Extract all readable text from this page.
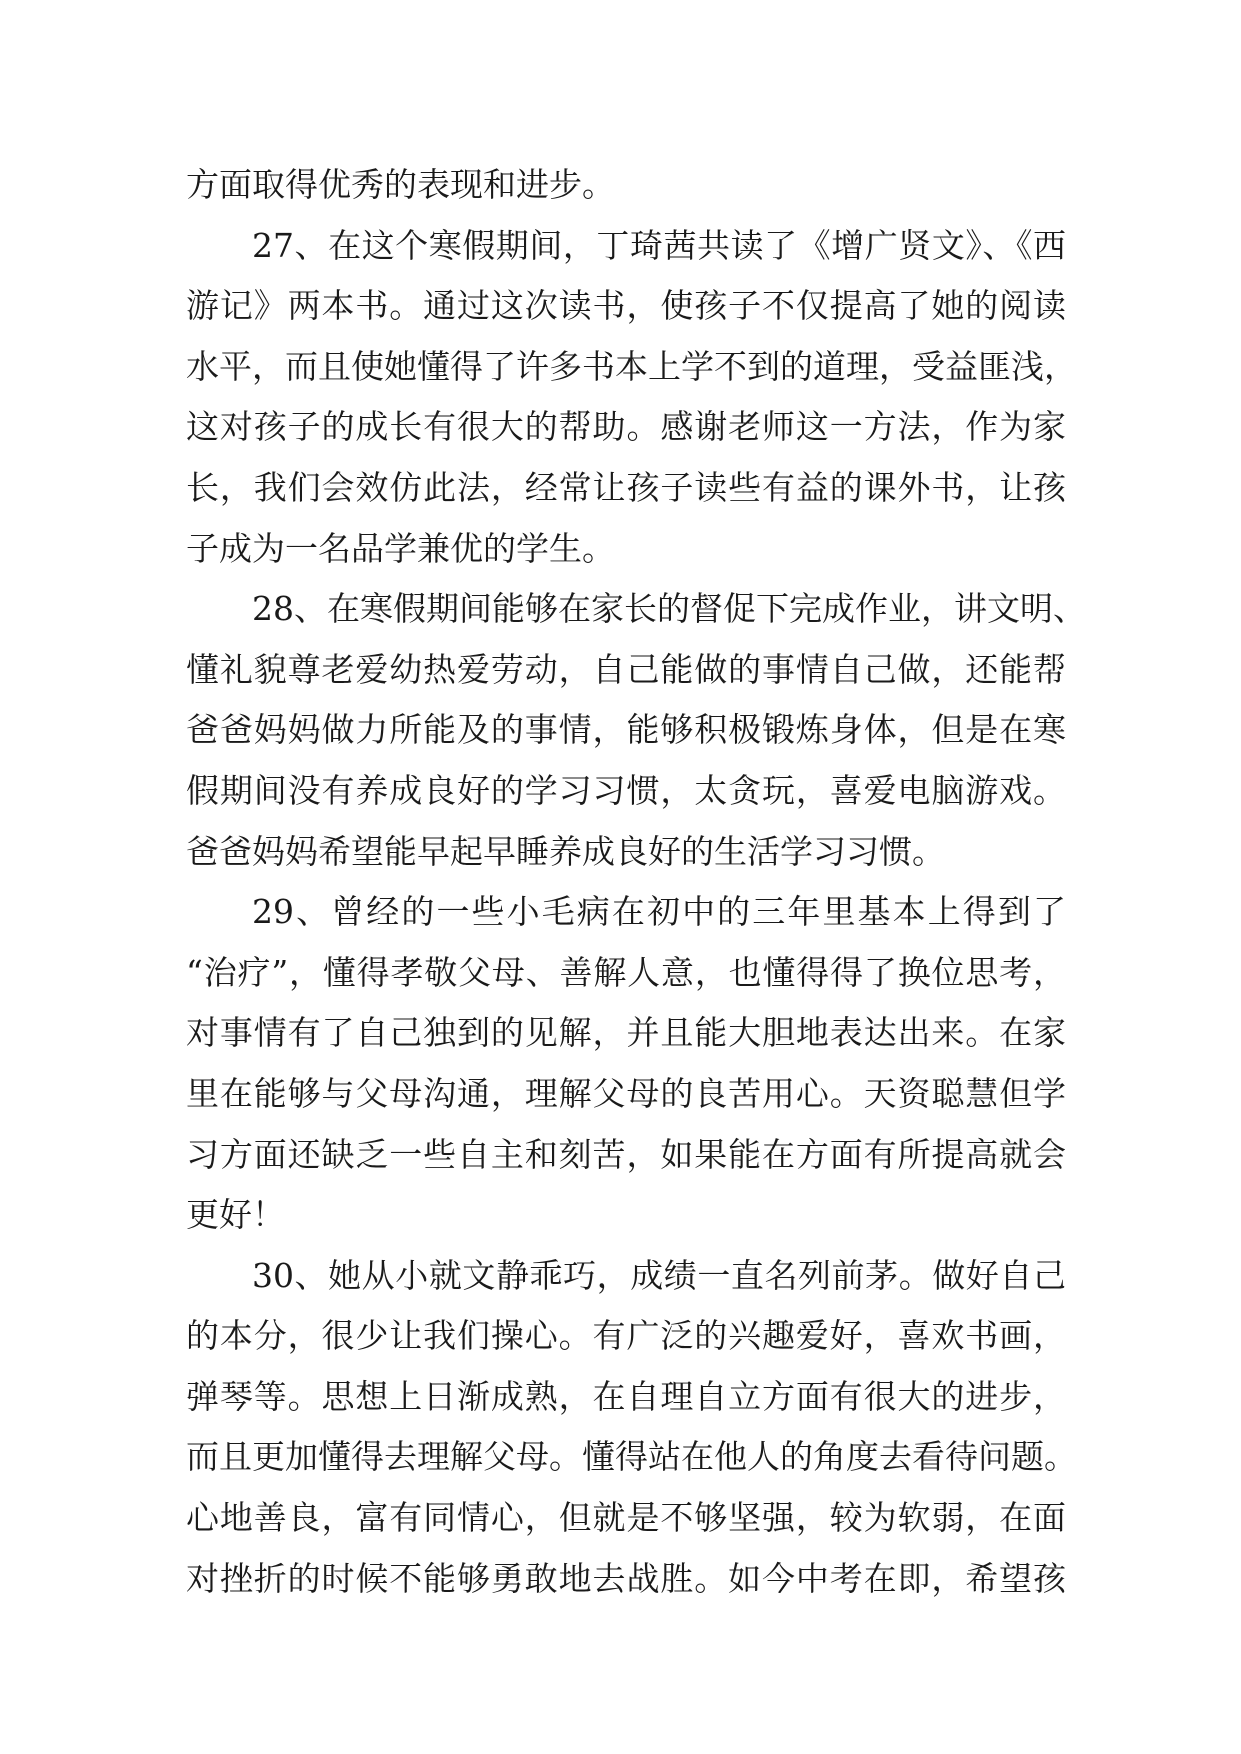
方面取得优秀的表现和进步。
27、在这个寒假期间，丁琦茜共读了《增广贤文》、《西
游记》两本书。通过这次读书，使孩子不仅提高了她的阅读
水平，而且使她懂得了许多书本上学不到的道理，受益匪浅，
这对孩子的成长有很大的帮助。感谢老师这一方法，作为家
长，我们会效仿此法，经常让孩子读些有益的课外书，让孩
子成为一名品学兼优的学生。
28、在寒假期间能够在家长的督促下完成作业，讲文明、
懂礼貌尊老爱幼热爱劳动，自己能做的事情自己做，还能帮
爸爸妈妈做力所能及的事情，能够积极锻炼身体，但是在寒
假期间没有养成良好的学习习惯，太贪玩，喜爱电脑游戏。
爸爸妈妈希望能早起早睡养成良好的生活学习习惯。
29、曾经的一些小毛病在初中的三年里基本上得到了
“治疗”，懂得孝敬父母、善解人意，也懂得得了换位思考，
对事情有了自己独到的见解，并且能大胆地表达出来。在家
里在能够与父母沟通，理解父母的良苦用心。天资聪慧但学
习方面还缺乏一些自主和刻苦，如果能在方面有所提高就会
更好！
30、她从小就文静乖巧，成绩一直名列前茅。做好自己
的本分，很少让我们操心。有广泛的兴趣爱好，喜欢书画，
弹琴等。思想上日渐成熟，在自理自立方面有很大的进步，
而且更加懂得去理解父母。懂得站在他人的角度去看待问题。
心地善良，富有同情心，但就是不够坚强，较为软弱，在面
对挫折的时候不能够勇敢地去战胜。如今中考在即，希望孩
